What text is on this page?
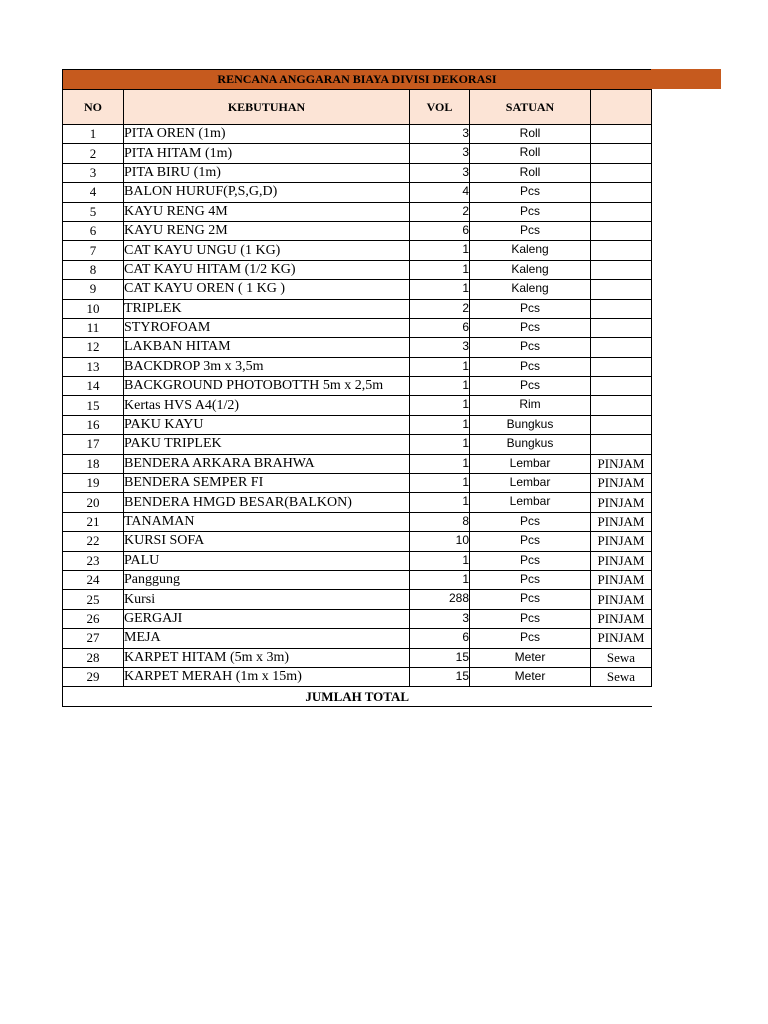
RENCANA ANGGARAN BIAYA DIVISI DEKORASI
NO	KEBUTUHAN	VOL	SATUAN	
1	PITA OREN (1m)	3	Roll	
2	PITA HITAM (1m)	3	Roll	
3	PITA BIRU (1m)	3	Roll	
4	BALON HURUF(P,S,G,D)	4	Pcs	
5	KAYU RENG 4M	2	Pcs	
6	KAYU RENG 2M	6	Pcs	
7	CAT KAYU UNGU (1 KG)	1	Kaleng	
8	CAT KAYU HITAM (1/2 KG)	1	Kaleng	
9	CAT KAYU OREN ( 1 KG )	1	Kaleng	
10	TRIPLEK	2	Pcs	
11	STYROFOAM	6	Pcs	
12	LAKBAN HITAM	3	Pcs	
13	BACKDROP 3m x 3,5m	1	Pcs	
14	BACKGROUND PHOTOBOTTH 5m x 2,5m	1	Pcs	
15	Kertas HVS A4(1/2)	1	Rim	
16	PAKU KAYU	1	Bungkus	
17	PAKU TRIPLEK	1	Bungkus	
18	BENDERA ARKARA BRAHWA	1	Lembar	PINJAM
19	BENDERA SEMPER FI	1	Lembar	PINJAM
20	BENDERA HMGD BESAR(BALKON)	1	Lembar	PINJAM
21	TANAMAN	8	Pcs	PINJAM
22	KURSI SOFA	10	Pcs	PINJAM
23	PALU	1	Pcs	PINJAM
24	Panggung	1	Pcs	PINJAM
25	Kursi	288	Pcs	PINJAM
26	GERGAJI	3	Pcs	PINJAM
27	MEJA	6	Pcs	PINJAM
28	KARPET HITAM (5m x 3m)	15	Meter	Sewa
29	KARPET MERAH (1m x 15m)	15	Meter	Sewa
JUMLAH TOTAL				
